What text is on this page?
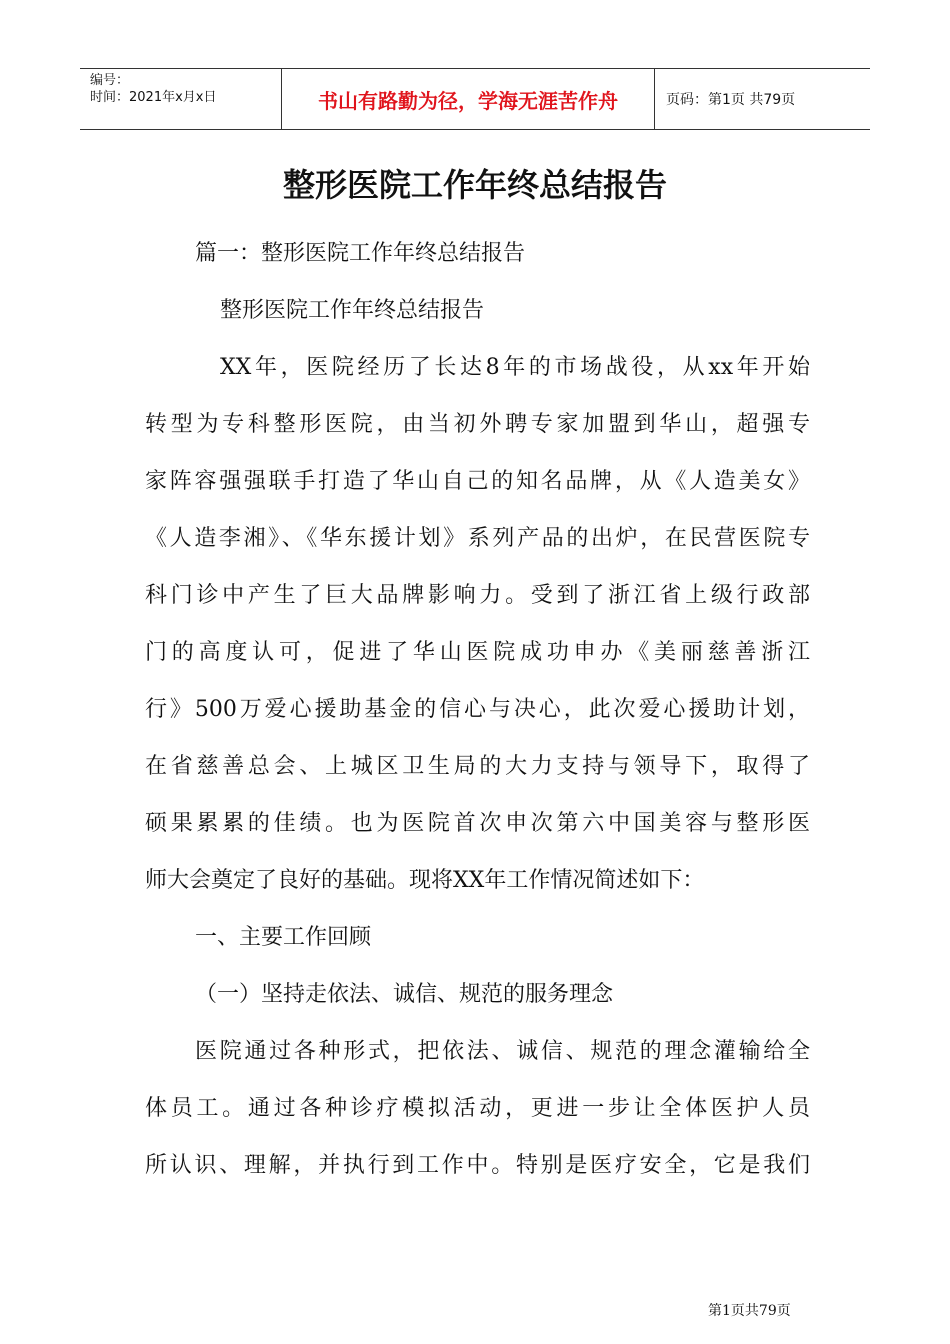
编号：
时间：2021年x月x日	书山有路勤为径，学海无涯苦作舟	页码：第1页 共79页
整形医院工作年终总结报告
篇一：整形医院工作年终总结报告
整形医院工作年终总结报告
XX年，医院经历了长达8年的市场战役，从xx年开始
转型为专科整形医院，由当初外聘专家加盟到华山，超强专
家阵容强强联手打造了华山自己的知名品牌，从《人造美女》
《人造李湘》、《华东援计划》系列产品的出炉，在民营医院专
科门诊中产生了巨大品牌影响力。受到了浙江省上级行政部
门的高度认可，促进了华山医院成功申办《美丽慈善浙江
行》500万爱心援助基金的信心与决心，此次爱心援助计划，
在省慈善总会、上城区卫生局的大力支持与领导下，取得了
硕果累累的佳绩。也为医院首次申次第六中国美容与整形医
师大会奠定了良好的基础。现将XX年工作情况简述如下：
一、主要工作回顾
（一）坚持走依法、诚信、规范的服务理念
医院通过各种形式，把依法、诚信、规范的理念灌输给全
体员工。通过各种诊疗模拟活动，更进一步让全体医护人员
所认识、理解，并执行到工作中。特别是医疗安全，它是我们
第1页共79页
